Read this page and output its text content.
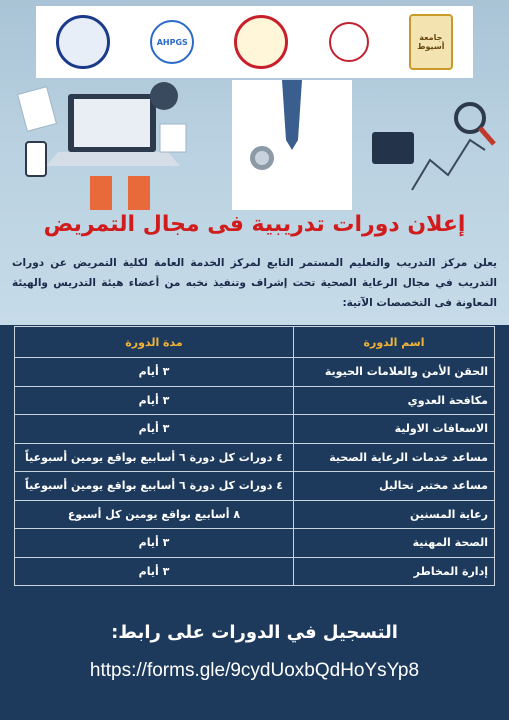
AHPGS	جامعة أسيوط
إعلان دورات تدريبية فى مجال التمريض
يعلن مركز التدريب والتعليم المستمر التابع لمركز الخدمة العامة لكلية التمريض عن دورات التدريب في مجال الرعاية الصحية تحت إشراف وتنفيذ نخبه من أعضاء هيئة التدريس والهيئة المعاونة فى التخصصات الآتية:
اسم الدورة	مدة الدورة
الحقن الأمن والعلامات الحيوية	٣ أيام
مكافحة العدوي	٣ أيام
الاسعافات الاولية	٣ أيام
مساعد خدمات الرعاية الصحية	٤ دورات كل دورة ٦ أسابيع بواقع يومين أسبوعياً
مساعد مختبر تحاليل	٤ دورات كل دورة ٦ أسابيع بواقع يومين أسبوعياً
رعاية المسنين	٨ أسابيع بواقع يومين كل أسبوع
الصحة المهنية	٣ أيام
إدارة المخاطر	٣ أيام
التسجيل في الدورات على رابط:
https://forms.gle/9cydUoxbQdHoYsYp8
